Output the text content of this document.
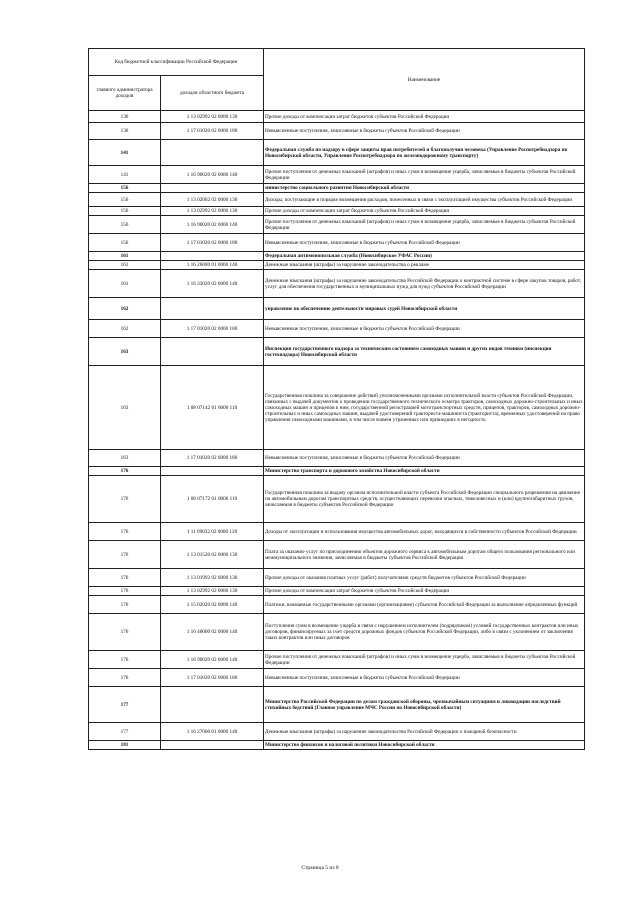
Код бюджетной классификации Российской Федерации		Наименование
главного администратора доходов	доходов областного бюджета	
136	1 13 02992 02 0000 130	Прочие доходы от компенсации затрат бюджетов субъектов Российской Федерации
136	1 17 01020 02 0000 180	Невыясненные поступления, зачисляемые в бюджеты субъектов Российской Федерации
141		Федеральная служба по надзору в сфере защиты прав потребителей и благополучия человека (Управление Роспотребнадзора по Новосибирской области, Управление Роспотребнадзора по железнодорожному транспорту)
141	1 16 90020 02 0000 140	Прочие поступления от денежных взысканий (штрафов) и иных сумм в возмещение ущерба, зачисляемые в бюджеты субъектов Российской Федерации
156		министерство социального развития Новосибирской области
156	1 13 02062 02 0000 130	Доходы, поступающие в порядке возмещения расходов, понесенных в связи с эксплуатацией имущества субъектов Российской Федерации
156	1 13 02992 02 0000 130	Прочие доходы от компенсации затрат бюджетов субъектов Российской Федерации
156	1 16 90020 02 0000 140	Прочие поступления от денежных взысканий (штрафов) и иных сумм в возмещение ущерба, зачисляемые в бюджеты субъектов Российской Федерации
156	1 17 01020 02 0000 180	Невыясненные поступления, зачисляемые в бюджеты субъектов Российской Федерации
161		Федеральная антимонопольная служба (Новосибирское УФАС России)
161	1 16 26000 01 0000 140	Денежные взыскания (штрафы) за нарушение законодательства о рекламе
161	1 16 33020 02 0000 140	Денежные взыскания (штрафы) за нарушение законодательства Российской Федерации о контрактной системе в сфере закупок товаров, работ, услуг для обеспечения государственных и муниципальных нужд для нужд субъектов Российской Федерации
162		управление по обеспечению деятельности мировых судей Новосибирской области
162	1 17 01020 02 0000 180	Невыясненные поступления, зачисляемые в бюджеты субъектов Российской Федерации
163		Инспекция государственного надзора за техническим состоянием самоходных машин и других видов техники (инспекция гостехнадзора) Новосибирской области
163	1 08 07142 01 0000 110	Государственная пошлина за совершение действий уполномоченными органами исполнительной власти субъектов Российской Федерации, связанных с выдачей документов о проведении государственного технического осмотра тракторов, самоходных дорожно-строительных и иных самоходных машин и прицепов к ним, государственной регистрацией мототранспортных средств, прицепов, тракторов, самоходных дорожно-строительных и иных самоходных машин, выдачей удостоверений тракториста-машиниста (тракториста), временных удостоверений на право управления самоходными машинами, в том числе взамен утраченных или пришедших в негодность
163	1 17 01020 02 0000 180	Невыясненные поступления, зачисляемые в бюджеты субъектов Российской Федерации
176		Министерство транспорта и дорожного хозяйства Новосибирской области
176	1 08 07172 01 0000 110	Государственная пошлина за выдачу органом исполнительной власти субъекта Российской Федерации специального разрешения на движение по автомобильным дорогам транспортных средств, осуществляющих перевозки опасных, тяжеловесных и (или) крупногабаритных грузов, зачисляемая в бюджеты субъектов Российской Федерации
176	1 11 09032 02 0000 120	Доходы от эксплуатации и использования имущества автомобильных дорог, находящихся в собственности субъектов Российской Федерации
176	1 13 01520 02 0000 130	Плата за оказание услуг по присоединению объектов дорожного сервиса к автомобильным дорогам общего пользования регионального или межмуниципального значения, зачисляемая в бюджеты субъектов Российской Федерации
176	1 13 01992 02 0000 130	Прочие доходы от оказания платных услуг (работ) получателями средств бюджетов субъектов Российской Федерации
176	1 13 02992 02 0000 130	Прочие доходы от компенсации затрат бюджетов субъектов Российской Федерации
176	1 15 02020 02 0000 140	Платежи, взимаемые государственными органами (организациями) субъектов Российской Федерации за выполнение определенных функций
176	1 16 46000 02 0000 140	Поступления сумм в возмещение ущерба в связи с нарушением исполнителем (подрядчиком) условий государственных контрактов или иных договоров, финансируемых за счет средств дорожных фондов субъектов Российской Федерации, либо в связи с уклонением от заключения таких контрактов или иных договоров
176	1 16 90020 02 0000 140	Прочие поступления от денежных взысканий (штрафов) и иных сумм в возмещение ущерба, зачисляемые в бюджеты субъектов Российской Федерации
176	1 17 01020 02 0000 180	Невыясненные поступления, зачисляемые в бюджеты субъектов Российской Федерации
177		Министерство Российской Федерации по делам гражданской обороны, чрезвычайным ситуациям и ликвидации последствий стихийных бедствий (Главное управление МЧС России по Новосибирской области)
177	1 16 27000 01 0000 140	Денежные взыскания (штрафы) за нарушение законодательства Российской Федерации о пожарной безопасности
181		Министерство финансов и налоговой политики Новосибирской области
Страница 5 из 8
